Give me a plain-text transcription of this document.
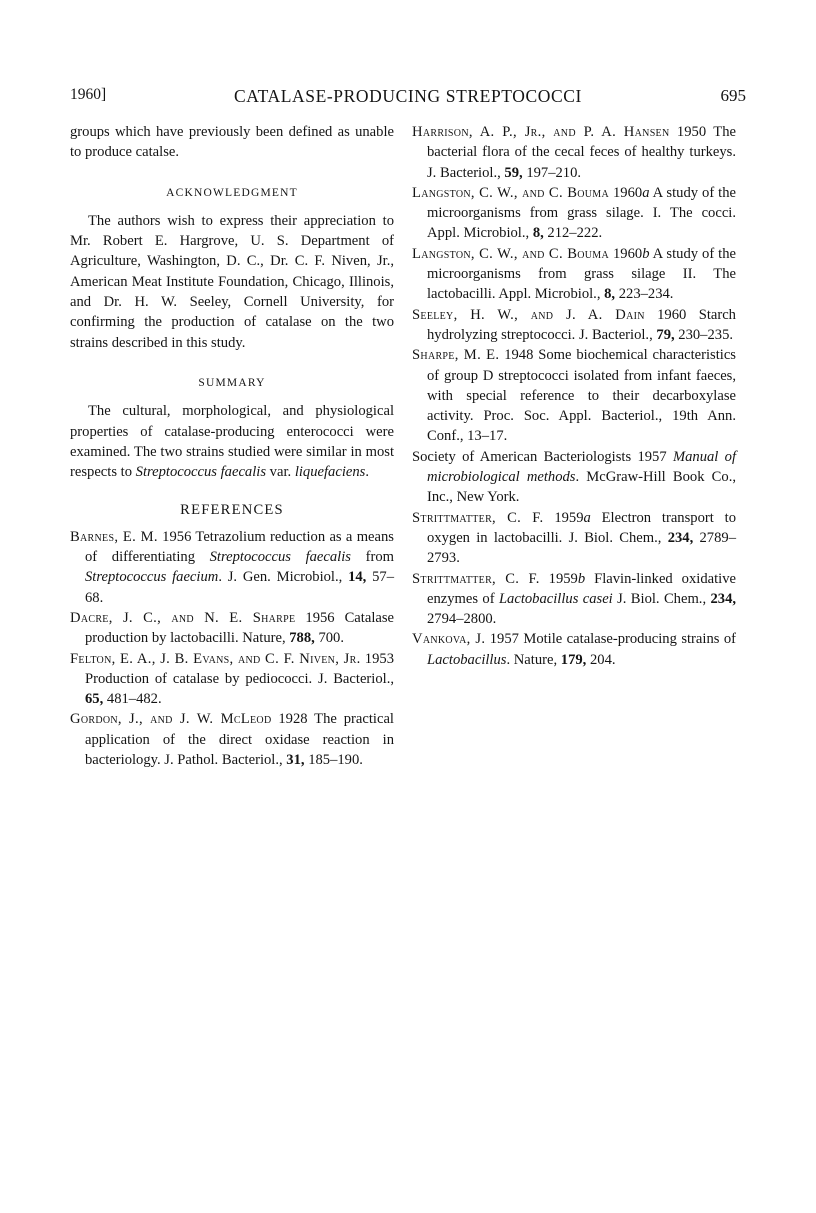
1960]	CATALASE-PRODUCING STREPTOCOCCI	695

groups which have previously been defined as unable to produce catalse.

ACKNOWLEDGMENT

The authors wish to express their appreciation to Mr. Robert E. Hargrove, U. S. Department of Agriculture, Washington, D. C., Dr. C. F. Niven, Jr., American Meat Institute Foundation, Chicago, Illinois, and Dr. H. W. Seeley, Cornell University, for confirming the production of catalase on the two strains described in this study.

SUMMARY

The cultural, morphological, and physiological properties of catalase-producing enterococci were examined. The two strains studied were similar in most respects to Streptococcus faecalis var. liquefaciens.

REFERENCES

Barnes, E. M. 1956 Tetrazolium reduction as a means of differentiating Streptococcus faecalis from Streptococcus faecium. J. Gen. Microbiol., 14, 57–68.

Dacre, J. C., and N. E. Sharpe 1956 Catalase production by lactobacilli. Nature, 788, 700.

Felton, E. A., J. B. Evans, and C. F. Niven, Jr. 1953 Production of catalase by pediococci. J. Bacteriol., 65, 481–482.

Gordon, J., and J. W. McLeod 1928 The practical application of the direct oxidase reaction in bacteriology. J. Pathol. Bacteriol., 31, 185–190.

Harrison, A. P., Jr., and P. A. Hansen 1950 The bacterial flora of the cecal feces of healthy turkeys. J. Bacteriol., 59, 197–210.

Langston, C. W., and C. Bouma 1960a A study of the microorganisms from grass silage. I. The cocci. Appl. Microbiol., 8, 212–222.

Langston, C. W., and C. Bouma 1960b A study of the microorganisms from grass silage II. The lactobacilli. Appl. Microbiol., 8, 223–234.

Seeley, H. W., and J. A. Dain 1960 Starch hydrolyzing streptococci. J. Bacteriol., 79, 230–235.

Sharpe, M. E. 1948 Some biochemical characteristics of group D streptococci isolated from infant faeces, with special reference to their decarboxylase activity. Proc. Soc. Appl. Bacteriol., 19th Ann. Conf., 13–17.

Society of American Bacteriologists 1957 Manual of microbiological methods. McGraw-Hill Book Co., Inc., New York.

Strittmatter, C. F. 1959a Electron transport to oxygen in lactobacilli. J. Biol. Chem., 234, 2789–2793.

Strittmatter, C. F. 1959b Flavin-linked oxidative enzymes of Lactobacillus casei J. Biol. Chem., 234, 2794–2800.

Vankova, J. 1957 Motile catalase-producing strains of Lactobacillus. Nature, 179, 204.
